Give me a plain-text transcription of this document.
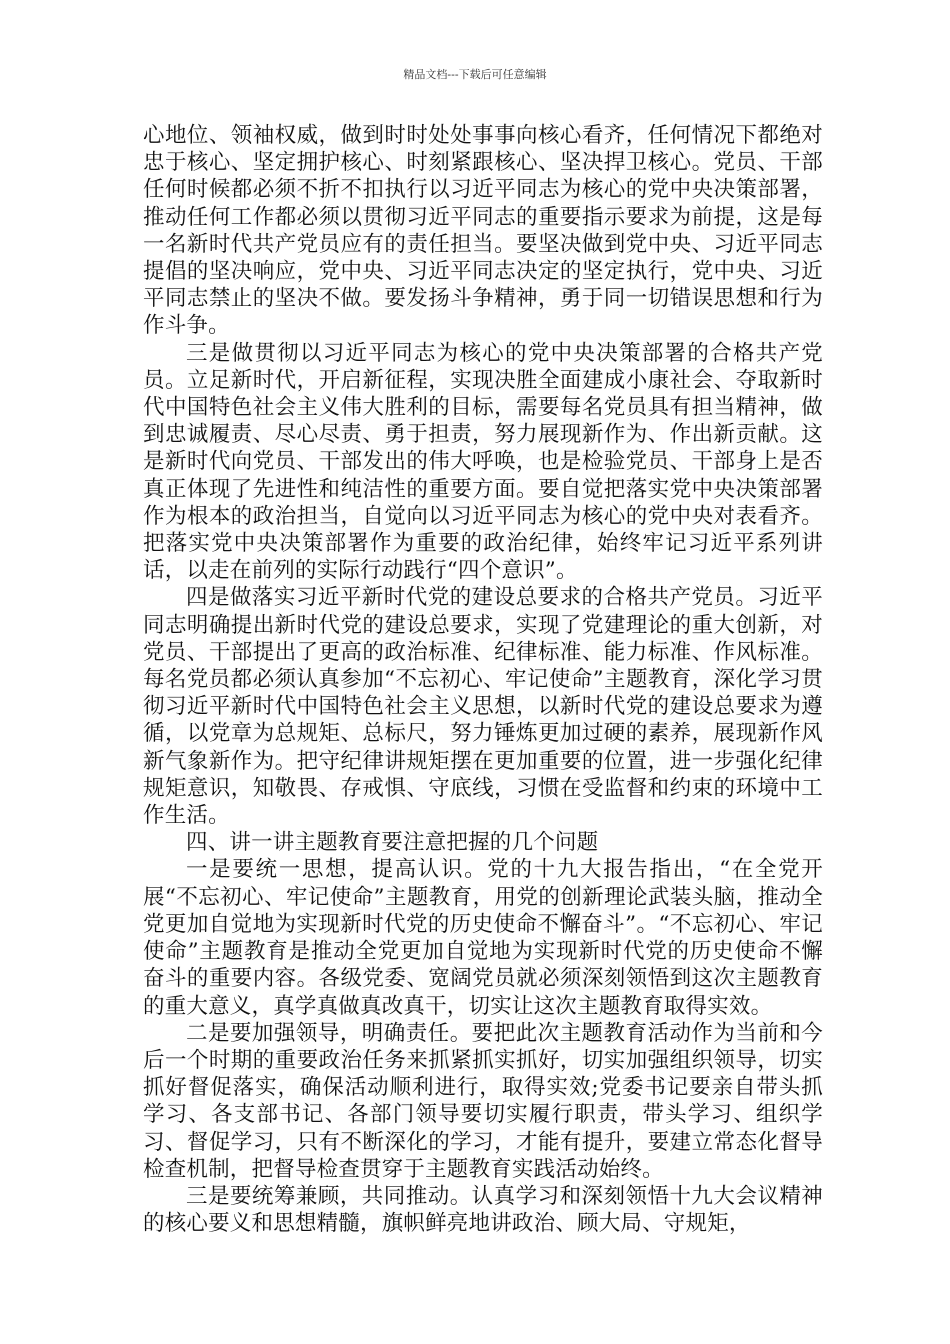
精品文档---下载后可任意编辑

心地位、领袖权威，做到时时处处事事向核心看齐，任何情况下都绝对忠于核心、坚定拥护核心、时刻紧跟核心、坚决捍卫核心。党员、干部任何时候都必须不折不扣执行以习近平同志为核心的党中央决策部署，推动任何工作都必须以贯彻习近平同志的重要指示要求为前提，这是每一名新时代共产党员应有的责任担当。要坚决做到党中央、习近平同志提倡的坚决响应，党中央、习近平同志决定的坚定执行，党中央、习近平同志禁止的坚决不做。要发扬斗争精神，勇于同一切错误思想和行为作斗争。

三是做贯彻以习近平同志为核心的党中央决策部署的合格共产党员。立足新时代，开启新征程，实现决胜全面建成小康社会、夺取新时代中国特色社会主义伟大胜利的目标，需要每名党员具有担当精神，做到忠诚履责、尽心尽责、勇于担责，努力展现新作为、作出新贡献。这是新时代向党员、干部发出的伟大呼唤，也是检验党员、干部身上是否真正体现了先进性和纯洁性的重要方面。要自觉把落实党中央决策部署作为根本的政治担当，自觉向以习近平同志为核心的党中央对表看齐。把落实党中央决策部署作为重要的政治纪律，始终牢记习近平系列讲话，以走在前列的实际行动践行“四个意识”。

四是做落实习近平新时代党的建设总要求的合格共产党员。习近平同志明确提出新时代党的建设总要求，实现了党建理论的重大创新，对党员、干部提出了更高的政治标准、纪律标准、能力标准、作风标准。每名党员都必须认真参加“不忘初心、牢记使命”主题教育，深化学习贯彻习近平新时代中国特色社会主义思想，以新时代党的建设总要求为遵循，以党章为总规矩、总标尺，努力锤炼更加过硬的素养，展现新作风新气象新作为。把守纪律讲规矩摆在更加重要的位置，进一步强化纪律规矩意识，知敬畏、存戒惧、守底线，习惯在受监督和约束的环境中工作生活。

四、讲一讲主题教育要注意把握的几个问题

一是要统一思想，提高认识。党的十九大报告指出，“在全党开展“不忘初心、牢记使命”主题教育，用党的创新理论武装头脑，推动全党更加自觉地为实现新时代党的历史使命不懈奋斗”。“不忘初心、牢记使命”主题教育是推动全党更加自觉地为实现新时代党的历史使命不懈奋斗的重要内容。各级党委、宽阔党员就必须深刻领悟到这次主题教育的重大意义，真学真做真改真干，切实让这次主题教育取得实效。

二是要加强领导，明确责任。要把此次主题教育活动作为当前和今后一个时期的重要政治任务来抓紧抓实抓好，切实加强组织领导，切实抓好督促落实，确保活动顺利进行，取得实效;党委书记要亲自带头抓学习、各支部书记、各部门领导要切实履行职责，带头学习、组织学习、督促学习，只有不断深化的学习，才能有提升，要建立常态化督导检查机制，把督导检查贯穿于主题教育实践活动始终。

三是要统筹兼顾，共同推动。认真学习和深刻领悟十九大会议精神的核心要义和思想精髓，旗帜鲜亮地讲政治、顾大局、守规矩，
